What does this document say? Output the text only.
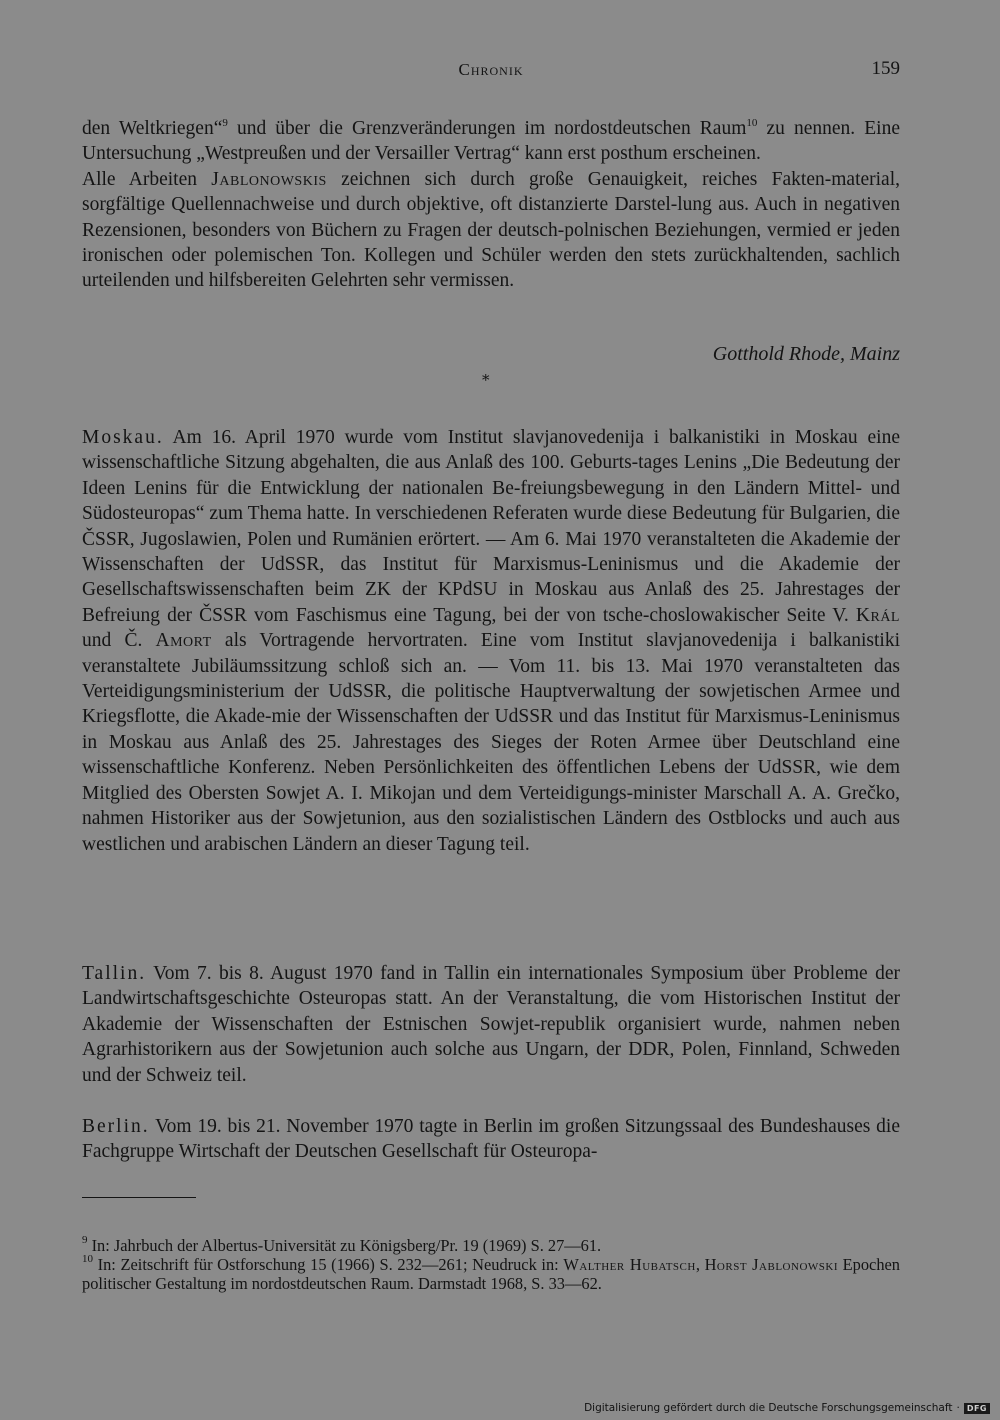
Chronik	159

den Weltkriegen“$^9$ und über die Grenzveränderungen im nordostdeutschen Raum$^{10}$ zu nennen. Eine Untersuchung „Westpreußen und der Versailler Vertrag“ kann erst posthum erscheinen.

Alle Arbeiten Jablonowskis zeichnen sich durch große Genauigkeit, reiches Fakten-material, sorgfältige Quellennachweise und durch objektive, oft distanzierte Darstel-lung aus. Auch in negativen Rezensionen, besonders von Büchern zu Fragen der deutsch-polnischen Beziehungen, vermied er jeden ironischen oder polemischen Ton. Kollegen und Schüler werden den stets zurückhaltenden, sachlich urteilenden und hilfsbereiten Gelehrten sehr vermissen.

Gotthold Rhode, Mainz
*

Moskau. Am 16. April 1970 wurde vom Institut slavjanovedenija i balkanistiki in Moskau eine wissenschaftliche Sitzung abgehalten, die aus Anlaß des 100. Geburts-tages Lenins „Die Bedeutung der Ideen Lenins für die Entwicklung der nationalen Be-freiungsbewegung in den Ländern Mittel- und Südosteuropas“ zum Thema hatte. In verschiedenen Referaten wurde diese Bedeutung für Bulgarien, die ČSSR, Jugoslawien, Polen und Rumänien erörtert. — Am 6. Mai 1970 veranstalteten die Akademie der Wissenschaften der UdSSR, das Institut für Marxismus-Leninismus und die Akademie der Gesellschaftswissenschaften beim ZK der KPdSU in Moskau aus Anlaß des 25. Jahrestages der Befreiung der ČSSR vom Faschismus eine Tagung, bei der von tsche-choslowakischer Seite V. Král und Č. Amort als Vortragende hervortraten. Eine vom Institut slavjanovedenija i balkanistiki veranstaltete Jubiläumssitzung schloß sich an. — Vom 11. bis 13. Mai 1970 veranstalteten das Verteidigungsministerium der UdSSR, die politische Hauptverwaltung der sowjetischen Armee und Kriegsflotte, die Akade-mie der Wissenschaften der UdSSR und das Institut für Marxismus-Leninismus in Moskau aus Anlaß des 25. Jahrestages des Sieges der Roten Armee über Deutschland eine wissenschaftliche Konferenz. Neben Persönlichkeiten des öffentlichen Lebens der UdSSR, wie dem Mitglied des Obersten Sowjet A. I. Mikojan und dem Verteidigungs-minister Marschall A. A. Grečko, nahmen Historiker aus der Sowjetunion, aus den sozialistischen Ländern des Ostblocks und auch aus westlichen und arabischen Ländern an dieser Tagung teil.

Tallin. Vom 7. bis 8. August 1970 fand in Tallin ein internationales Symposium über Probleme der Landwirtschaftsgeschichte Osteuropas statt. An der Veranstaltung, die vom Historischen Institut der Akademie der Wissenschaften der Estnischen Sowjet-republik organisiert wurde, nahmen neben Agrarhistorikern aus der Sowjetunion auch solche aus Ungarn, der DDR, Polen, Finnland, Schweden und der Schweiz teil.

Berlin. Vom 19. bis 21. November 1970 tagte in Berlin im großen Sitzungssaal des Bundeshauses die Fachgruppe Wirtschaft der Deutschen Gesellschaft für Osteuropa-

$^9$ In: Jahrbuch der Albertus-Universität zu Königsberg/Pr. 19 (1969) S. 27—61.

$^{10}$ In: Zeitschrift für Ostforschung 15 (1966) S. 232—261; Neudruck in: Walther Hubatsch, Horst Jablonowski Epochen politischer Gestaltung im nordostdeutschen Raum. Darmstadt 1968, S. 33—62.

Digitalisierung gefördert durch die Deutsche Forschungsgemeinschaft · DFG
